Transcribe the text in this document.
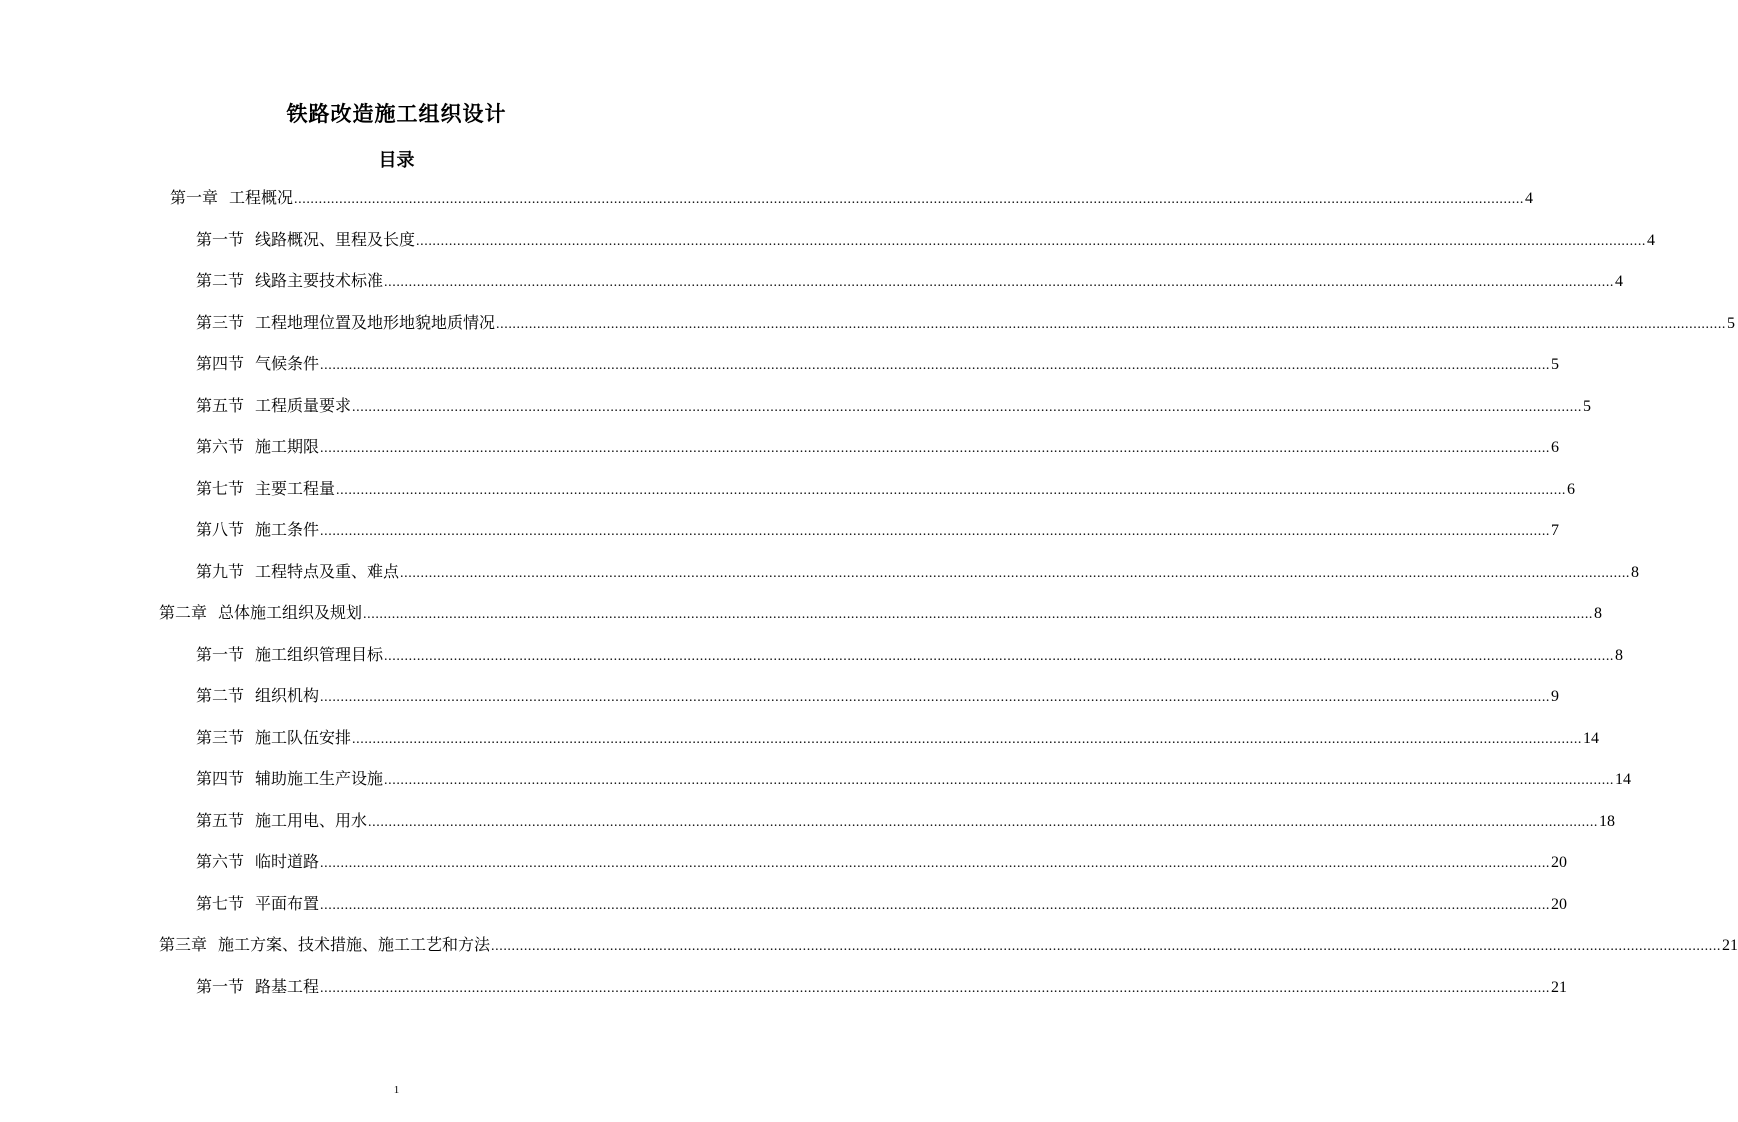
铁路改造施工组织设计
目录
第一章 工程概况 ............................................................................................................................................................................................................................................................................................................ 4
第一节 线路概况、里程及长度 ............................................................................................................................................................................................................................................................................................................ 4
第二节 线路主要技术标准 ............................................................................................................................................................................................................................................................................................................ 4
第三节 工程地理位置及地形地貌地质情况 ............................................................................................................................................................................................................................................................................................................ 5
第四节 气候条件 ............................................................................................................................................................................................................................................................................................................ 5
第五节 工程质量要求 ............................................................................................................................................................................................................................................................................................................ 5
第六节 施工期限 ............................................................................................................................................................................................................................................................................................................ 6
第七节 主要工程量 ............................................................................................................................................................................................................................................................................................................ 6
第八节 施工条件 ............................................................................................................................................................................................................................................................................................................ 7
第九节 工程特点及重、难点 ............................................................................................................................................................................................................................................................................................................ 8
第二章 总体施工组织及规划 ............................................................................................................................................................................................................................................................................................................ 8
第一节 施工组织管理目标 ............................................................................................................................................................................................................................................................................................................ 8
第二节 组织机构 ............................................................................................................................................................................................................................................................................................................ 9
第三节 施工队伍安排 ............................................................................................................................................................................................................................................................................................................ 14
第四节 辅助施工生产设施 ............................................................................................................................................................................................................................................................................................................ 14
第五节 施工用电、用水 ............................................................................................................................................................................................................................................................................................................ 18
第六节 临时道路 ............................................................................................................................................................................................................................................................................................................ 20
第七节 平面布置 ............................................................................................................................................................................................................................................................................................................ 20
第三章 施工方案、技术措施、施工工艺和方法 ............................................................................................................................................................................................................................................................................................................ 21
第一节 路基工程 ............................................................................................................................................................................................................................................................................................................ 21
1
